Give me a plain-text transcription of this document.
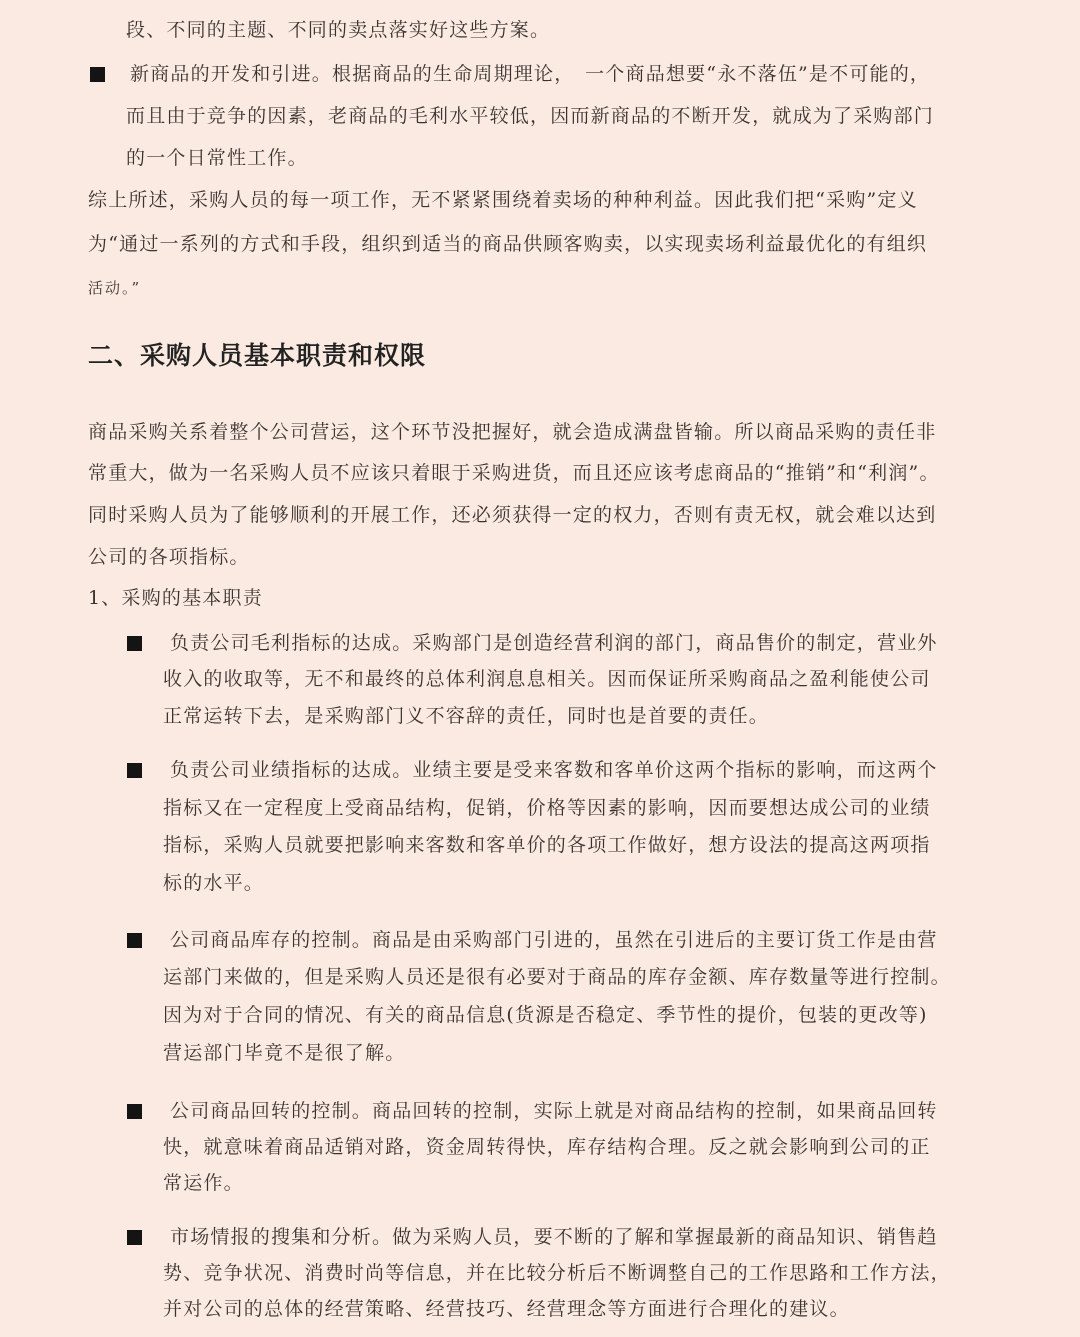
段、不同的主题、不同的卖点落实好这些方案。

新商品的开发和引进。根据商品的生命周期理论，　一个商品想要“永不落伍”是不可能的，

而且由于竞争的因素，老商品的毛利水平较低，因而新商品的不断开发，就成为了采购部门

的一个日常性工作。

综上所述，采购人员的每一项工作，无不紧紧围绕着卖场的种种利益。因此我们把“采购”定义

为“通过一系列的方式和手段，组织到适当的商品供顾客购卖，以实现卖场利益最优化的有组织

活动。”

二、采购人员基本职责和权限

商品采购关系着整个公司营运，这个环节没把握好，就会造成满盘皆输。所以商品采购的责任非

常重大，做为一名采购人员不应该只着眼于采购进货，而且还应该考虑商品的“推销”和“利润”。

同时采购人员为了能够顺利的开展工作，还必须获得一定的权力，否则有责无权，就会难以达到

公司的各项指标。

1、采购的基本职责

负责公司毛利指标的达成。采购部门是创造经营利润的部门，商品售价的制定，营业外

收入的收取等，无不和最终的总体利润息息相关。因而保证所采购商品之盈利能使公司

正常运转下去，是采购部门义不容辞的责任，同时也是首要的责任。

负责公司业绩指标的达成。业绩主要是受来客数和客单价这两个指标的影响，而这两个

指标又在一定程度上受商品结构，促销，价格等因素的影响，因而要想达成公司的业绩

指标，采购人员就要把影响来客数和客单价的各项工作做好，想方设法的提高这两项指

标的水平。

公司商品库存的控制。商品是由采购部门引进的，虽然在引进后的主要订货工作是由营

运部门来做的，但是采购人员还是很有必要对于商品的库存金额、库存数量等进行控制。

因为对于合同的情况、有关的商品信息(货源是否稳定、季节性的提价，包装的更改等)

营运部门毕竟不是很了解。

公司商品回转的控制。商品回转的控制，实际上就是对商品结构的控制，如果商品回转

快，就意味着商品适销对路，资金周转得快，库存结构合理。反之就会影响到公司的正

常运作。

市场情报的搜集和分析。做为采购人员，要不断的了解和掌握最新的商品知识、销售趋

势、竞争状况、消费时尚等信息，并在比较分析后不断调整自己的工作思路和工作方法，

并对公司的总体的经营策略、经营技巧、经营理念等方面进行合理化的建议。
